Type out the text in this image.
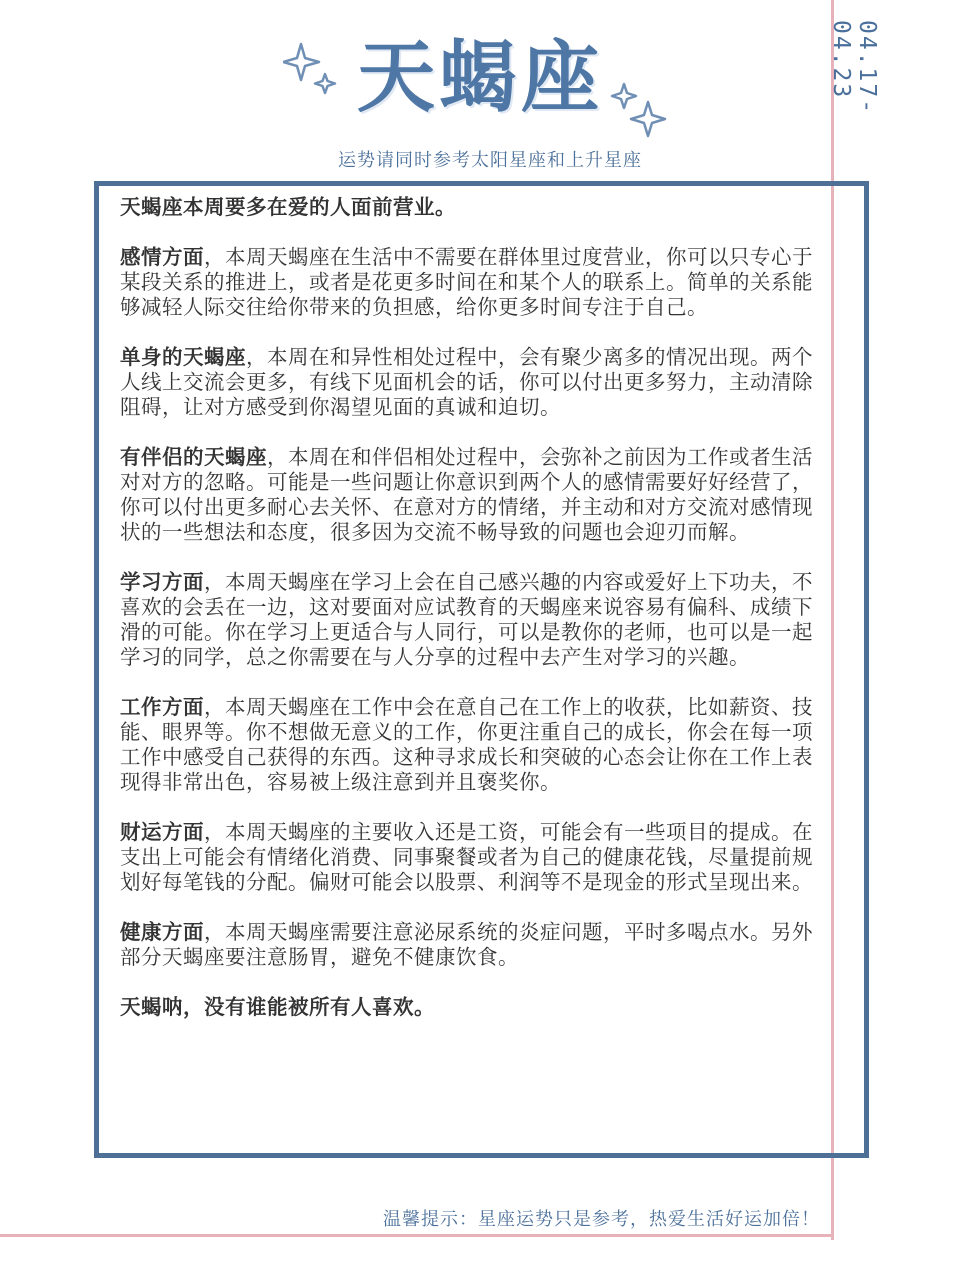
04.17-04.23
天蝎座
运势请同时参考太阳星座和上升星座

天蝎座本周要多在爱的人面前营业。

感情方面，本周天蝎座在生活中不需要在群体里过度营业，你可以只专心于某段关系的推进上，或者是花更多时间在和某个人的联系上。简单的关系能够减轻人际交往给你带来的负担感，给你更多时间专注于自己。

单身的天蝎座，本周在和异性相处过程中，会有聚少离多的情况出现。两个人线上交流会更多，有线下见面机会的话，你可以付出更多努力，主动清除阻碍，让对方感受到你渴望见面的真诚和迫切。

有伴侣的天蝎座，本周在和伴侣相处过程中，会弥补之前因为工作或者生活对对方的忽略。可能是一些问题让你意识到两个人的感情需要好好经营了，你可以付出更多耐心去关怀、在意对方的情绪，并主动和对方交流对感情现状的一些想法和态度，很多因为交流不畅导致的问题也会迎刃而解。

学习方面，本周天蝎座在学习上会在自己感兴趣的内容或爱好上下功夫，不喜欢的会丢在一边，这对要面对应试教育的天蝎座来说容易有偏科、成绩下滑的可能。你在学习上更适合与人同行，可以是教你的老师，也可以是一起学习的同学，总之你需要在与人分享的过程中去产生对学习的兴趣。

工作方面，本周天蝎座在工作中会在意自己在工作上的收获，比如薪资、技能、眼界等。你不想做无意义的工作，你更注重自己的成长，你会在每一项工作中感受自己获得的东西。这种寻求成长和突破的心态会让你在工作上表现得非常出色，容易被上级注意到并且褒奖你。

财运方面，本周天蝎座的主要收入还是工资，可能会有一些项目的提成。在支出上可能会有情绪化消费、同事聚餐或者为自己的健康花钱，尽量提前规划好每笔钱的分配。偏财可能会以股票、利润等不是现金的形式呈现出来。

健康方面，本周天蝎座需要注意泌尿系统的炎症问题，平时多喝点水。另外部分天蝎座要注意肠胃，避免不健康饮食。

天蝎呐，没有谁能被所有人喜欢。

温馨提示：星座运势只是参考，热爱生活好运加倍！
